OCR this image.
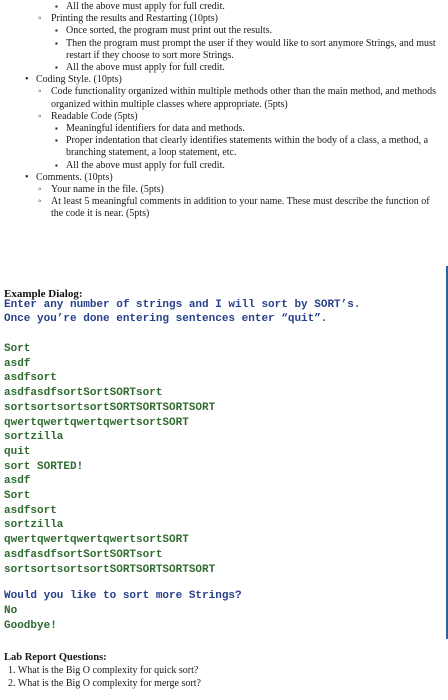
▪ All the above must apply for full credit.
◦ Printing the results and Restarting (10pts)
▪ Once sorted, the program must print out the results.
▪ Then the program must prompt the user if they would like to sort anymore Strings, and must restart if they choose to sort more Strings.
▪ All the above must apply for full credit.
• Coding Style. (10pts)
◦ Code functionality organized within multiple methods other than the main method, and methods organized within multiple classes where appropriate. (5pts)
◦ Readable Code (5pts)
▪ Meaningful identifiers for data and methods.
▪ Proper indentation that clearly identifies statements within the body of a class, a method, a branching statement, a loop statement, etc.
▪ All the above must apply for full credit.
• Comments. (10pts)
◦ Your name in the file. (5pts)
◦ At least 5 meaningful comments in addition to your name. These must describe the function of the code it is near. (5pts)
Example Dialog:
Enter any number of strings and I will sort by SORT’s.
Once you’re done entering sentences enter “quit”.
Sort
asdf
asdfsort
asdfasdfsortSortSORTsort
sortsortsortsortSORTSORTSORTSORT
qwertqwertqwertqwertsortSORT
sortzilla
quit
sort SORTED!
asdf
Sort
asdfsort
sortzilla
qwertqwertqwertqwertsortSORT
asdfasdfsortSortSORTsort
sortsortsortsortSORTSORTSORTSORT
Would you like to sort more Strings?
No
Goodbye!
Lab Report Questions:
1. What is the Big O complexity for quick sort?
2. What is the Big O complexity for merge sort?
